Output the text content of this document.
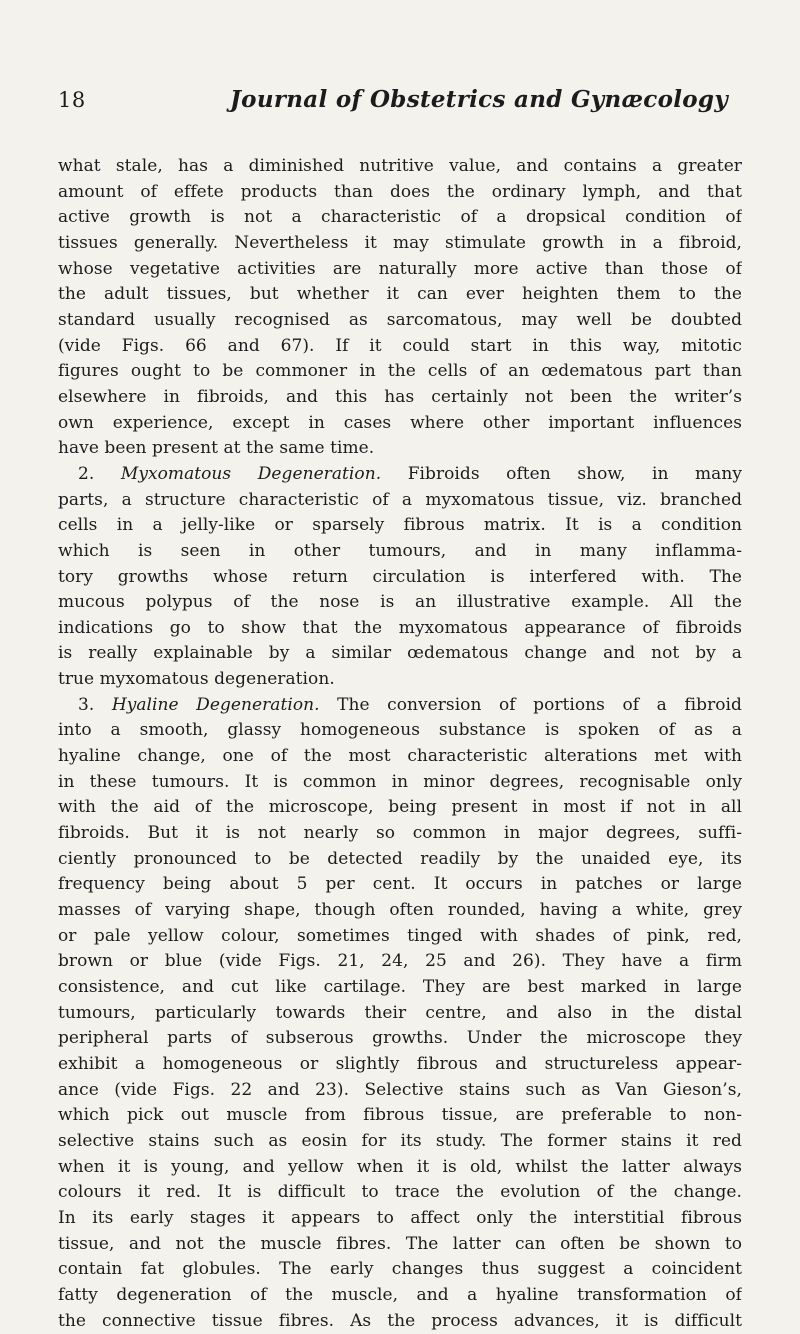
18	Journal of Obstetrics and Gynæcology
what stale, has a diminished nutritive value, and contains a greater
amount of effete products than does the ordinary lymph, and that
active growth is not a characteristic of a dropsical condition of
tissues generally. Nevertheless it may stimulate growth in a fibroid,
whose vegetative activities are naturally more active than those of
the adult tissues, but whether it can ever heighten them to the
standard usually recognised as sarcomatous, may well be doubted
(vide Figs. 66 and 67). If it could start in this way, mitotic
figures ought to be commoner in the cells of an œdematous part than
elsewhere in fibroids, and this has certainly not been the writer’s
own experience, except in cases where other important influences
have been present at the same time.
2. Myxomatous Degeneration. Fibroids often show, in many
parts, a structure characteristic of a myxomatous tissue, viz. branched
cells in a jelly-like or sparsely fibrous matrix. It is a condition
which is seen in other tumours, and in many inflamma-
tory growths whose return circulation is interfered with. The
mucous polypus of the nose is an illustrative example. All the
indications go to show that the myxomatous appearance of fibroids
is really explainable by a similar œdematous change and not by a
true myxomatous degeneration.
3. Hyaline Degeneration. The conversion of portions of a fibroid
into a smooth, glassy homogeneous substance is spoken of as a
hyaline change, one of the most characteristic alterations met with
in these tumours. It is common in minor degrees, recognisable only
with the aid of the microscope, being present in most if not in all
fibroids. But it is not nearly so common in major degrees, suffi-
ciently pronounced to be detected readily by the unaided eye, its
frequency being about 5 per cent. It occurs in patches or large
masses of varying shape, though often rounded, having a white, grey
or pale yellow colour, sometimes tinged with shades of pink, red,
brown or blue (vide Figs. 21, 24, 25 and 26). They have a firm
consistence, and cut like cartilage. They are best marked in large
tumours, particularly towards their centre, and also in the distal
peripheral parts of subserous growths. Under the microscope they
exhibit a homogeneous or slightly fibrous and structureless appear-
ance (vide Figs. 22 and 23). Selective stains such as Van Gieson’s,
which pick out muscle from fibrous tissue, are preferable to non-
selective stains such as eosin for its study. The former stains it red
when it is young, and yellow when it is old, whilst the latter always
colours it red. It is difficult to trace the evolution of the change.
In its early stages it appears to affect only the interstitial fibrous
tissue, and not the muscle fibres. The latter can often be shown to
contain fat globules. The early changes thus suggest a coincident
fatty degeneration of the muscle, and a hyaline transformation of
the connective tissue fibres. As the process advances, it is difficult
